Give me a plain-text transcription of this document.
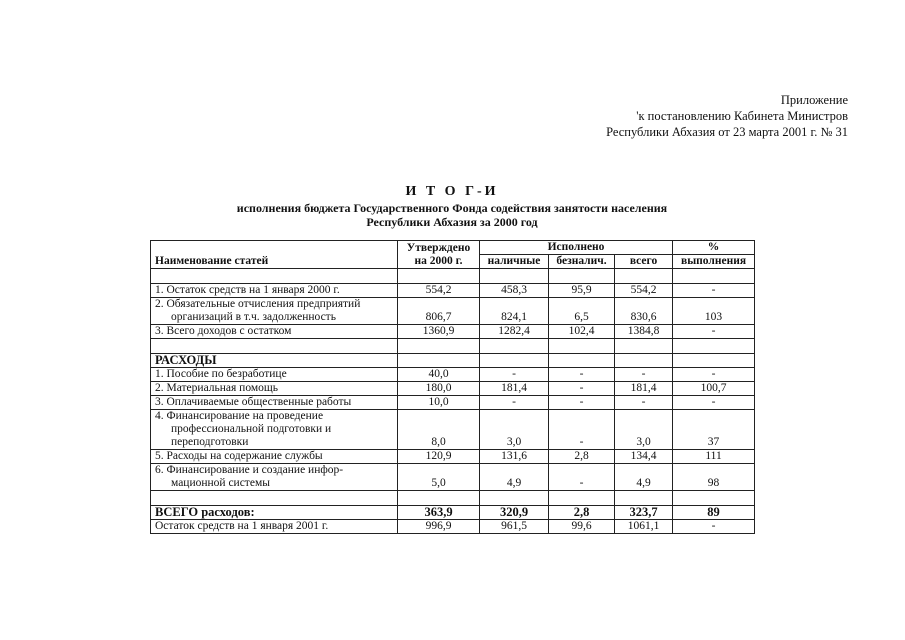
Приложение
'к постановлению Кабинета Министров
Республики Абхазия от 23 марта 2001 г. № 31
И Т О Г-И
исполнения бюджета Государственного Фонда содействия занятости населения
Республики Абхазия за 2000 год
Наименование статей	Утверждено на 2000 г.	Исполнено			%
		наличные	безналич.	всего	выполнения

1. Остаток средств на 1 января 2000 г.	554,2	458,3	95,9	554,2	-

2. Обязательные отчисления предприятий
организаций в т.ч. задолженность	806,7	824,1	6,5	830,6	103
3. Всего доходов с остатком	1360,9	1282,4	102,4	1384,8	-

РАСХОДЫ					
1. Пособие по безработице	40,0	-	-	-	-
2. Материальная помощь	180,0	181,4	-	181,4	100,7
3. Оплачиваемые общественные работы	10,0	-	-	-	-

4. Финансирование на проведение
профессиональной подготовки и
переподготовки	8,0	3,0	-	3,0	37
5. Расходы на содержание службы	120,9	131,6	2,8	134,4	111

6. Финансирование и создание инфор-
мационной системы	5,0	4,9	-	4,9	98

ВСЕГО расходов:	363,9	320,9	2,8	323,7	89
Остаток средств на 1 января 2001 г.	996,9	961,5	99,6	1061,1	-
